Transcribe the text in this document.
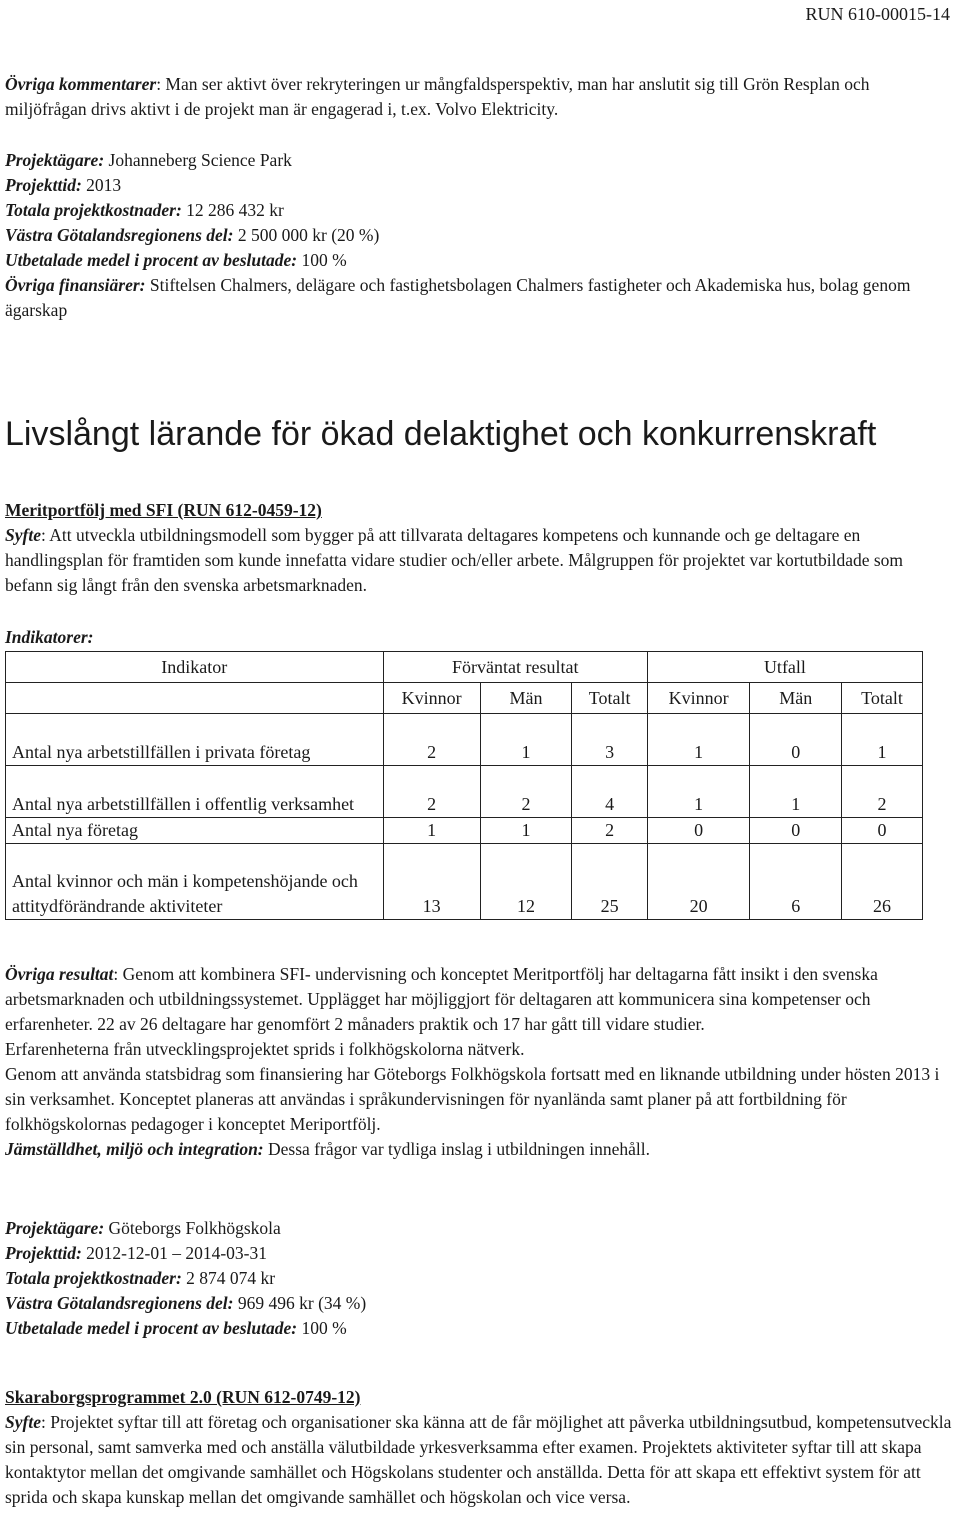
RUN 610-00015-14

Övriga kommentarer: Man ser aktivt över rekryteringen ur mångfaldsperspektiv, man har anslutit sig till Grön Resplan och miljöfrågan drivs aktivt i de projekt man är engagerad i, t.ex. Volvo Elektricity.

Projektägare: Johanneberg Science Park

Projekttid: 2013

Totala projektkostnader: 12 286 432 kr

Västra Götalandsregionens del: 2 500 000 kr (20 %)

Utbetalade medel i procent av beslutade: 100 %

Övriga finansiärer: Stiftelsen Chalmers, delägare och fastighetsbolagen Chalmers fastigheter och Akademiska hus, bolag genom ägarskap

Livslångt lärande för ökad delaktighet och konkurrenskraft

Meritportfölj med SFI (RUN 612-0459-12)

Syfte: Att utveckla utbildningsmodell som bygger på att tillvarata deltagares kompetens och kunnande och ge deltagare en handlingsplan för framtiden som kunde innefatta vidare studier och/eller arbete. Målgruppen för projektet var kortutbildade som befann sig långt från den svenska arbetsmarknaden.

Indikatorer:

Indikator	Förväntat resultat			Utfall		
	Kvinnor	Män	Totalt	Kvinnor	Män	Totalt
Antal nya arbetstillfällen i privata företag	2	1	3	1	0	1
Antal nya arbetstillfällen i offentlig verksamhet	2	2	4	1	1	2
Antal nya företag	1	1	2	0	0	0
Antal kvinnor och män i kompetenshöjande och attitydförändrande aktiviteter	13	12	25	20	6	26

Övriga resultat: Genom att kombinera SFI- undervisning och konceptet Meritportfölj har deltagarna fått insikt i den svenska arbetsmarknaden och utbildningssystemet. Upplägget har möjliggjort för deltagaren att kommunicera sina kompetenser och erfarenheter. 22 av 26 deltagare har genomfört 2 månaders praktik och 17 har gått till vidare studier.

Erfarenheterna från utvecklingsprojektet sprids i folkhögskolorna nätverk.

Genom att använda statsbidrag som finansiering har Göteborgs Folkhögskola fortsatt med en liknande utbildning under hösten 2013 i sin verksamhet. Konceptet planeras att användas i språkundervisningen för nyanlända samt planer på att fortbildning för folkhögskolornas pedagoger i konceptet Meriportfölj.

Jämställdhet, miljö och integration: Dessa frågor var tydliga inslag i utbildningen innehåll.

Projektägare: Göteborgs Folkhögskola

Projekttid: 2012-12-01 – 2014-03-31

Totala projektkostnader: 2 874 074 kr

Västra Götalandsregionens del: 969 496 kr (34 %)

Utbetalade medel i procent av beslutade: 100 %

Skaraborgsprogrammet 2.0 (RUN 612-0749-12)

Syfte: Projektet syftar till att företag och organisationer ska känna att de får möjlighet att påverka utbildningsutbud, kompetensutveckla sin personal, samt samverka med och anställa välutbildade yrkesverksamma efter examen. Projektets aktiviteter syftar till att skapa kontaktytor mellan det omgivande samhället och Högskolans studenter och anställda. Detta för att skapa ett effektivt system för att sprida och skapa kunskap mellan det omgivande samhället och högskolan och vice versa.
